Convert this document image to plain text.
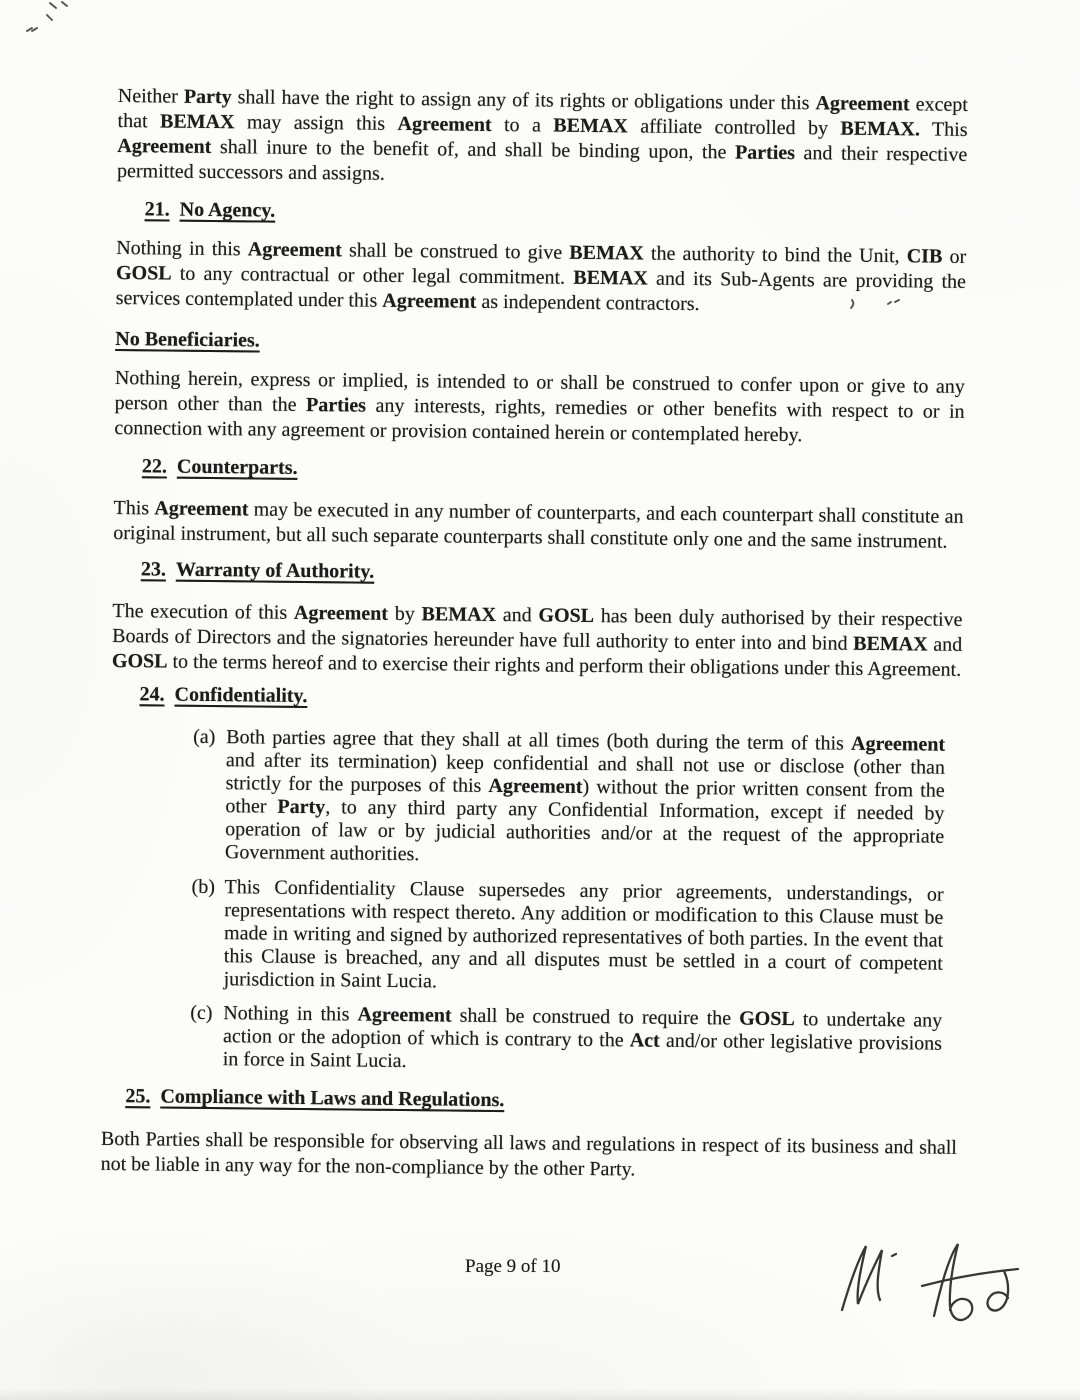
Neither Party shall have the right to assign any of its rights or obligations under this Agreement except that BEMAX may assign this Agreement to a BEMAX affiliate controlled by BEMAX. This Agreement shall inure to the benefit of, and shall be binding upon, the Parties and their respective permitted successors and assigns.

21. No Agency.

Nothing in this Agreement shall be construed to give BEMAX the authority to bind the Unit, CIB or GOSL to any contractual or other legal commitment. BEMAX and its Sub-Agents are providing the services contemplated under this Agreement as independent contractors.

No Beneficiaries.

Nothing herein, express or implied, is intended to or shall be construed to confer upon or give to any person other than the Parties any interests, rights, remedies or other benefits with respect to or in connection with any agreement or provision contained herein or contemplated hereby.

22. Counterparts.

This Agreement may be executed in any number of counterparts, and each counterpart shall constitute an original instrument, but all such separate counterparts shall constitute only one and the same instrument.

23. Warranty of Authority.

The execution of this Agreement by BEMAX and GOSL has been duly authorised by their respective Boards of Directors and the signatories hereunder have full authority to enter into and bind BEMAX and GOSL to the terms hereof and to exercise their rights and perform their obligations under this Agreement.

24. Confidentiality.

(a) Both parties agree that they shall at all times (both during the term of this Agreement and after its termination) keep confidential and shall not use or disclose (other than strictly for the purposes of this Agreement) without the prior written consent from the other Party, to any third party any Confidential Information, except if needed by operation of law or by judicial authorities and/or at the request of the appropriate Government authorities.

(b) This Confidentiality Clause supersedes any prior agreements, understandings, or representations with respect thereto. Any addition or modification to this Clause must be made in writing and signed by authorized representatives of both parties. In the event that this Clause is breached, any and all disputes must be settled in a court of competent jurisdiction in Saint Lucia.

(c) Nothing in this Agreement shall be construed to require the GOSL to undertake any action or the adoption of which is contrary to the Act and/or other legislative provisions in force in Saint Lucia.

25. Compliance with Laws and Regulations.

Both Parties shall be responsible for observing all laws and regulations in respect of its business and shall not be liable in any way for the non-compliance by the other Party.

Page 9 of 10
